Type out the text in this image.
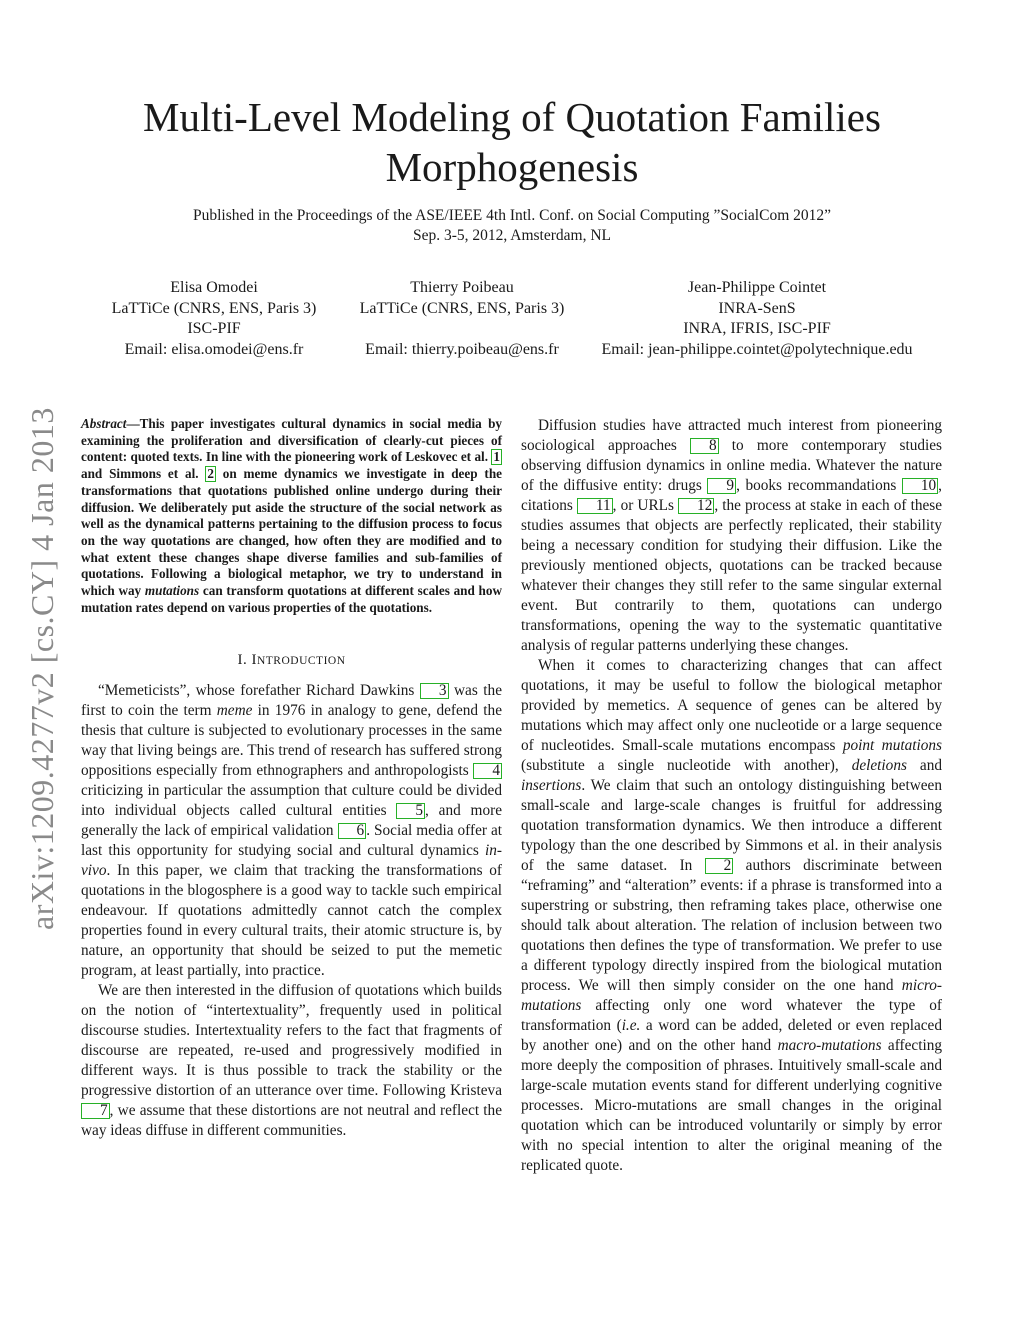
Multi-Level Modeling of Quotation Families
Morphogenesis
Published in the Proceedings of the ASE/IEEE 4th Intl. Conf. on Social Computing ”SocialCom 2012”
Sep. 3-5, 2012, Amsterdam, NL
Elisa Omodei
LaTTiCe (CNRS, ENS, Paris 3)
ISC-PIF
Email: elisa.omodei@ens.fr
Thierry Poibeau
LaTTiCe (CNRS, ENS, Paris 3)
Email: thierry.poibeau@ens.fr
Jean-Philippe Cointet
INRA-SenS
INRA, IFRIS, ISC-PIF
Email: jean-philippe.cointet@polytechnique.edu
arXiv:1209.4277v2 [cs.CY] 4 Jan 2013 Abstract—This paper investigates cultural dynamics in social media by examining the proliferation and diversification of clearly-cut pieces of content: quoted texts. In line with the pioneering work of Leskovec et al. 1 and Simmons et al. 2 on meme dynamics we investigate in deep the transformations that quotations published online undergo during their diffusion. We deliberately put aside the structure of the social network as well as the dynamical patterns pertaining to the diffusion process to focus on the way quotations are changed, how often they are modified and to what extent these changes shape diverse families and sub-families of quotations. Following a biological metaphor, we try to understand in which way mutations can transform quotations at different scales and how mutation rates depend on various properties of the quotations.

I. INTRODUCTION

“Memeticists”, whose forefather Richard Dawkins 3 was the first to coin the term meme in 1976 in analogy to gene, defend the thesis that culture is subjected to evolutionary processes in the same way that living beings are. This trend of research has suffered strong oppositions especially from ethnographers and anthropologists 4 criticizing in particular the assumption that culture could be divided into individual objects called cultural entities 5 , and more generally the lack of empirical validation 6 . Social media offer at last this opportunity for studying social and cultural dynamics in-vivo. In this paper, we claim that tracking the transformations of quotations in the blogosphere is a good way to tackle such empirical endeavour. If quotations admittedly cannot catch the complex properties found in every cultural traits, their atomic structure is, by nature, an opportunity that should be seized to put the memetic program, at least partially, into practice.

We are then interested in the diffusion of quotations which builds on the notion of “intertextuality”, frequently used in political discourse studies. Intertextuality refers to the fact that fragments of discourse are repeated, re-used and progressively modified in different ways. It is thus possible to track the stability or the progressive distortion of an utterance over time. Following Kristeva 7 , we assume that these distortions are not neutral and reflect the way ideas diffuse in different communities.

Diffusion studies have attracted much interest from pioneering sociological approaches 8 to more contemporary studies observing diffusion dynamics in online media. Whatever the nature of the diffusive entity: drugs 9 , books recommandations 10 , citations 11 , or URLs 12 , the process at stake in each of these studies assumes that objects are perfectly replicated, their stability being a necessary condition for studying their diffusion. Like the previously mentioned objects, quotations can be tracked because whatever their changes they still refer to the same singular external event. But contrarily to them, quotations can undergo transformations, opening the way to the systematic quantitative analysis of regular patterns underlying these changes.

When it comes to characterizing changes that can affect quotations, it may be useful to follow the biological metaphor provided by memetics. A sequence of genes can be altered by mutations which may affect only one nucleotide or a large sequence of nucleotides. Small-scale mutations encompass point mutations (substitute a single nucleotide with another), deletions and insertions. We claim that such an ontology distinguishing between small-scale and large-scale changes is fruitful for addressing quotation transformation dynamics. We then introduce a different typology than the one described by Simmons et al. in their analysis of the same dataset. In 2 authors discriminate between “reframing” and “alteration” events: if a phrase is transformed into a superstring or substring, then reframing takes place, otherwise one should talk about alteration. The relation of inclusion between two quotations then defines the type of transformation. We prefer to use a different typology directly inspired from the biological mutation process. We will then simply consider on the one hand micro-mutations affecting only one word whatever the type of transformation (i.e. a word can be added, deleted or even replaced by another one) and on the other hand macro-mutations affecting more deeply the composition of phrases. Intuitively small-scale and large-scale mutation events stand for different underlying cognitive processes. Micro-mutations are small changes in the original quotation which can be introduced voluntarily or simply by error with no special intention to alter the original meaning of the replicated quote.
